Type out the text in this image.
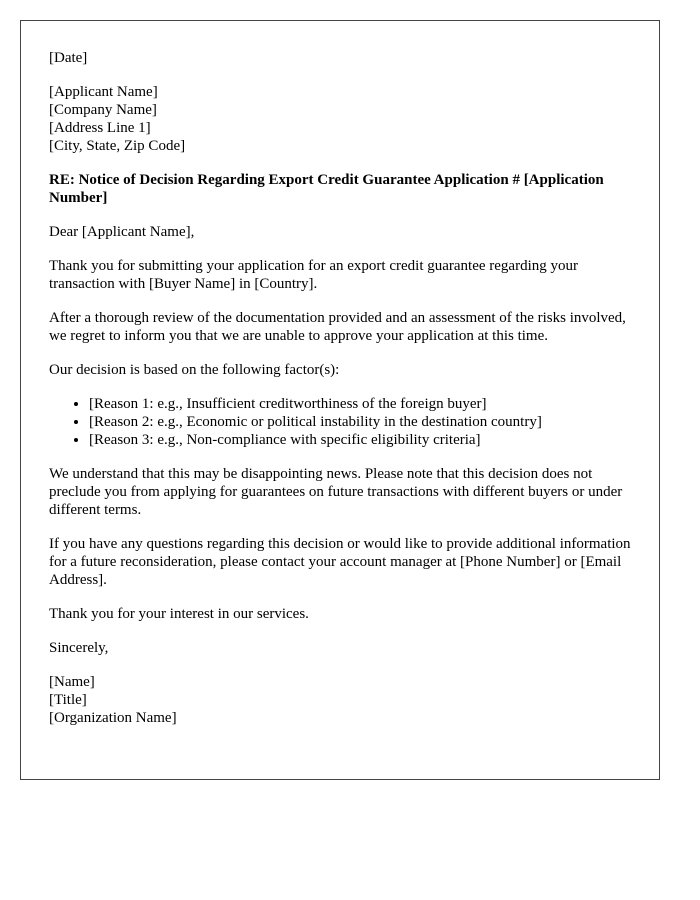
[Date]
[Applicant Name]
[Company Name]
[Address Line 1]
[City, State, Zip Code]
RE: Notice of Decision Regarding Export Credit Guarantee Application # [Application Number]

Dear [Applicant Name],

Thank you for submitting your application for an export credit guarantee regarding your transaction with [Buyer Name] in [Country].

After a thorough review of the documentation provided and an assessment of the risks involved, we regret to inform you that we are unable to approve your application at this time.

Our decision is based on the following factor(s):

• [Reason 1: e.g., Insufficient creditworthiness of the foreign buyer]
• [Reason 2: e.g., Economic or political instability in the destination country]
• [Reason 3: e.g., Non-compliance with specific eligibility criteria]

We understand that this may be disappointing news. Please note that this decision does not preclude you from applying for guarantees on future transactions with different buyers or under different terms.

If you have any questions regarding this decision or would like to provide additional information for a future reconsideration, please contact your account manager at [Phone Number] or [Email Address].

Thank you for your interest in our services.

Sincerely,

[Name]
[Title]
[Organization Name]
